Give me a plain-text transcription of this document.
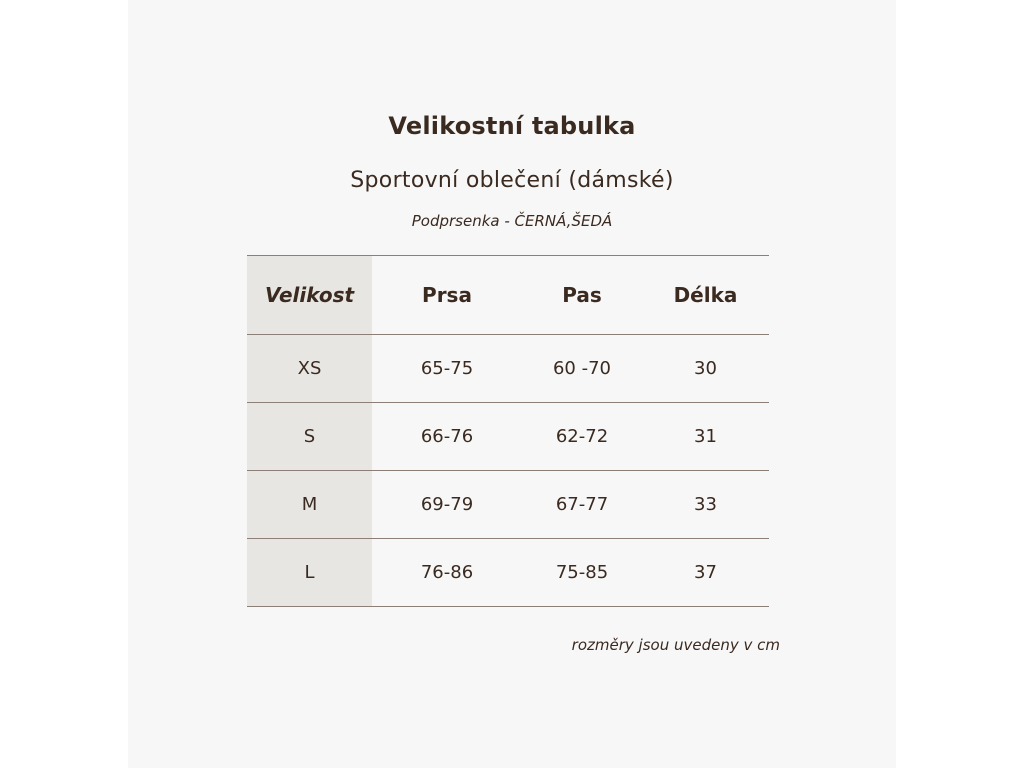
Velikostní tabulka
Sportovní oblečení (dámské)
Podprsenka - ČERNÁ,ŠEDÁ
Velikost	Prsa	Pas	Délka
XS	65-75	60 -70	30
S	66-76	62-72	31
M	69-79	67-77	33
L	76-86	75-85	37
rozměry jsou uvedeny v cm
